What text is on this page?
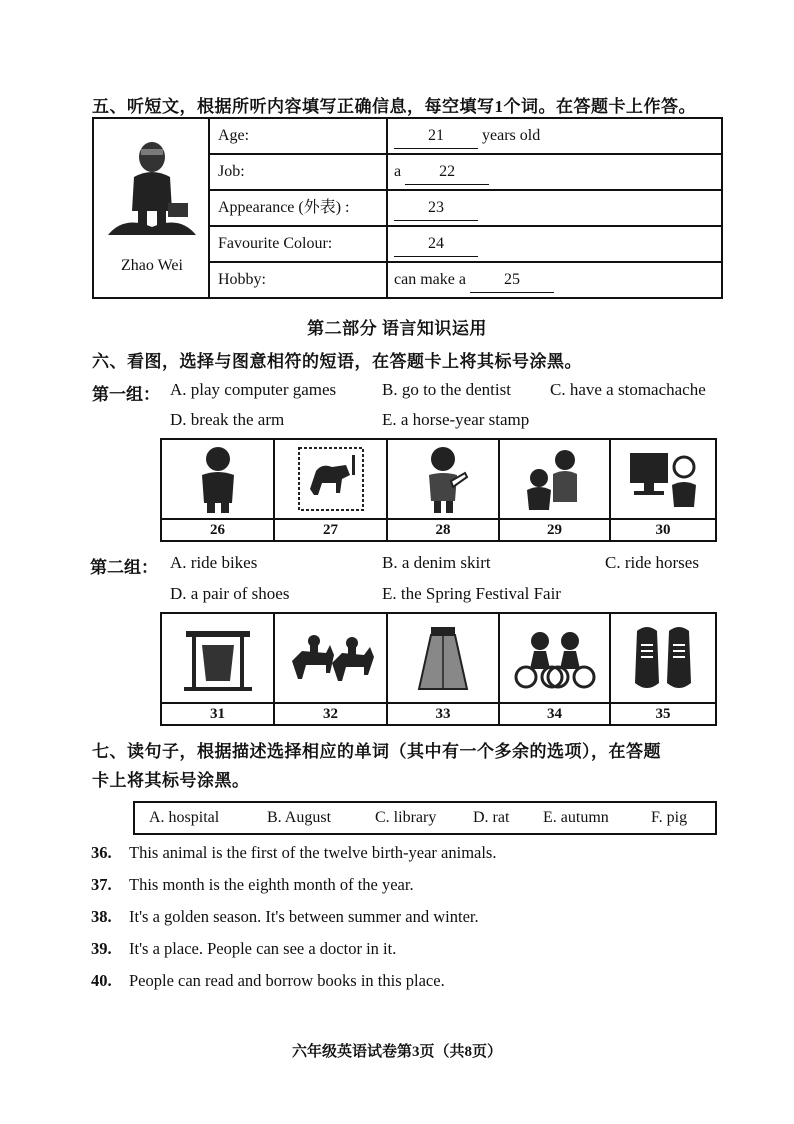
五、听短文，根据所听内容填写正确信息，每空填写1个词。在答题卡上作答。
Zhao Wei
Age:	21 years old
Job:	a 22
Appearance (外表) :	23
Favourite Colour:	24
Hobby:	can make a 25
第二部分 语言知识运用
六、看图，选择与图意相符的短语，在答题卡上将其标号涂黑。
第一组： A. play computer games	B. go to the dentist C. have a stomachache
D. break the arm	E. a horse-year stamp
26	27	28	29	30
第二组： A. ride bikes	B. a denim skirt	C. ride horses
D. a pair of shoes	E. the Spring Festival Fair
31	32	33	34	35
七、读句子，根据描述选择相应的单词（其中有一个多余的选项），在答题
卡上将其标号涂黑。
A. hospital	B. August	C. library D. rat E. autumn	F. pig
36. This animal is the first of the twelve birth-year animals.
37. This month is the eighth month of the year.
38. It's a golden season. It's between summer and winter.
39. It's a place. People can see a doctor in it.
40. People can read and borrow books in this place.
六年级英语试卷第3页（共8页）
